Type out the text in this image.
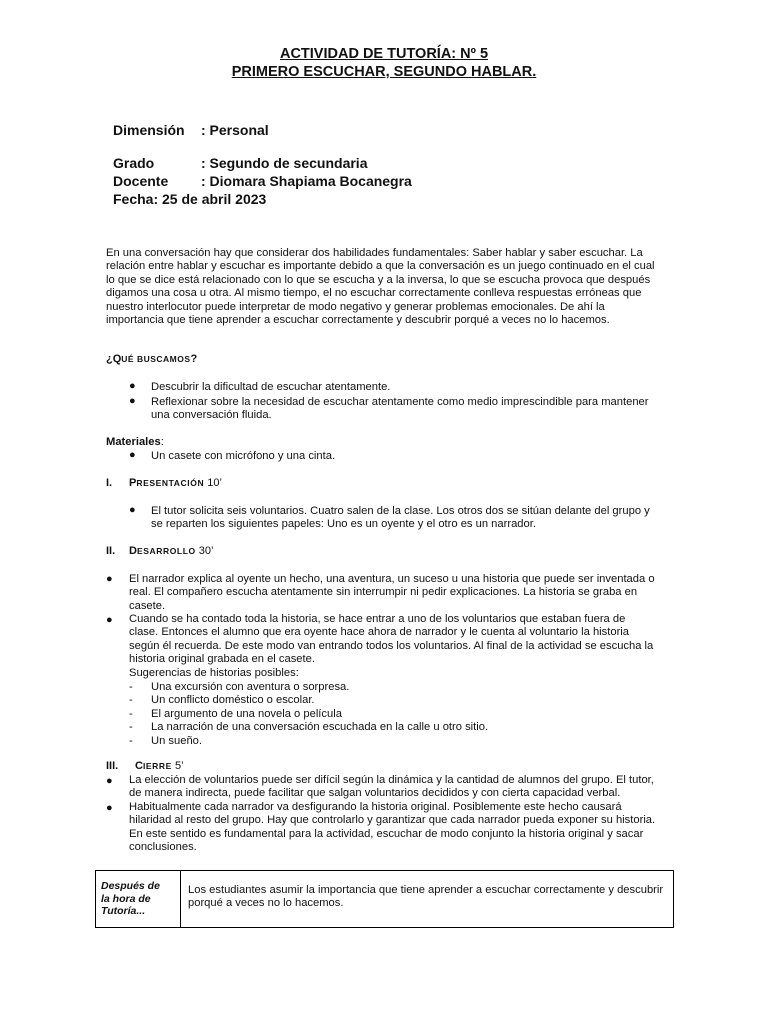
ACTIVIDAD DE TUTORÍA: Nº 5
PRIMERO ESCUCHAR, SEGUNDO HABLAR.
Dimensión : Personal
Grado	: Segundo de secundaria
Docente : Diomara Shapiama Bocanegra
Fecha: 25 de abril 2023
En una conversación hay que considerar dos habilidades fundamentales: Saber hablar y saber escuchar. La
relación entre hablar y escuchar es importante debido a que la conversación es un juego continuado en el cual
lo que se dice está relacionado con lo que se escucha y a la inversa, lo que se escucha provoca que después
digamos una cosa u otra. Al mismo tiempo, el no escuchar correctamente conlleva respuestas erróneas que
nuestro interlocutor puede interpretar de modo negativo y generar problemas emocionales. De ahí la
importancia que tiene aprender a escuchar correctamente y descubrir porqué a veces no lo hacemos.
¿QUÉ BUSCAMOS?
● Descubrir la dificultad de escuchar atentamente.
● Reflexionar sobre la necesidad de escuchar atentamente como medio imprescindible para mantener
una conversación fluida.
Materiales:
● Un casete con micrófono y una cinta.
I. PRESENTACIÓN 10’
● El tutor solicita seis voluntarios. Cuatro salen de la clase. Los otros dos se sitúan delante del grupo y
se reparten los siguientes papeles: Uno es un oyente y el otro es un narrador.
II. DESARROLLO 30’
● El narrador explica al oyente un hecho, una aventura, un suceso u una historia que puede ser inventada o
real. El compañero escucha atentamente sin interrumpir ni pedir explicaciones. La historia se graba en
casete.
● Cuando se ha contado toda la historia, se hace entrar a uno de los voluntarios que estaban fuera de
clase. Entonces el alumno que era oyente hace ahora de narrador y le cuenta al voluntario la historia
según él recuerda. De este modo van entrando todos los voluntarios. Al final de la actividad se escucha la
historia original grabada en el casete.
Sugerencias de historias posibles:
- Una excursión con aventura o sorpresa.
- Un conflicto doméstico o escolar.
- El argumento de una novela o película
- La narración de una conversación escuchada en la calle u otro sitio.
- Un sueño.
III. CIERRE 5’
● La elección de voluntarios puede ser difícil según la dinámica y la cantidad de alumnos del grupo. El tutor,
de manera indirecta, puede facilitar que salgan voluntarios decididos y con cierta capacidad verbal.
● Habitualmente cada narrador va desfigurando la historia original. Posiblemente este hecho causará
hilaridad al resto del grupo. Hay que controlarlo y garantizar que cada narrador pueda exponer su historia.
En este sentido es fundamental para la actividad, escuchar de modo conjunto la historia original y sacar
conclusiones.
Después de
la hora de
Tutoría...
Los estudiantes asumir la importancia que tiene aprender a escuchar correctamente y descubrir
porqué a veces no lo hacemos.
